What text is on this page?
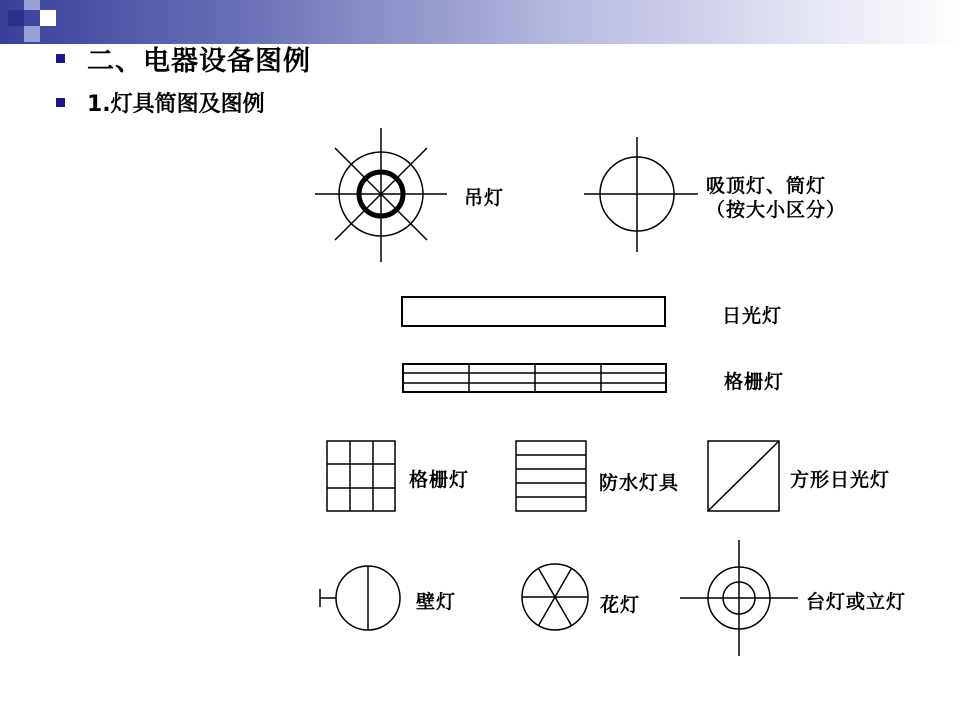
二、电器设备图例
1.灯具简图及图例
吊灯
吸顶灯、筒灯
（按大小区分）
日光灯
格栅灯
格栅灯	防水灯具	方形日光灯
壁灯	花灯	台灯或立灯
